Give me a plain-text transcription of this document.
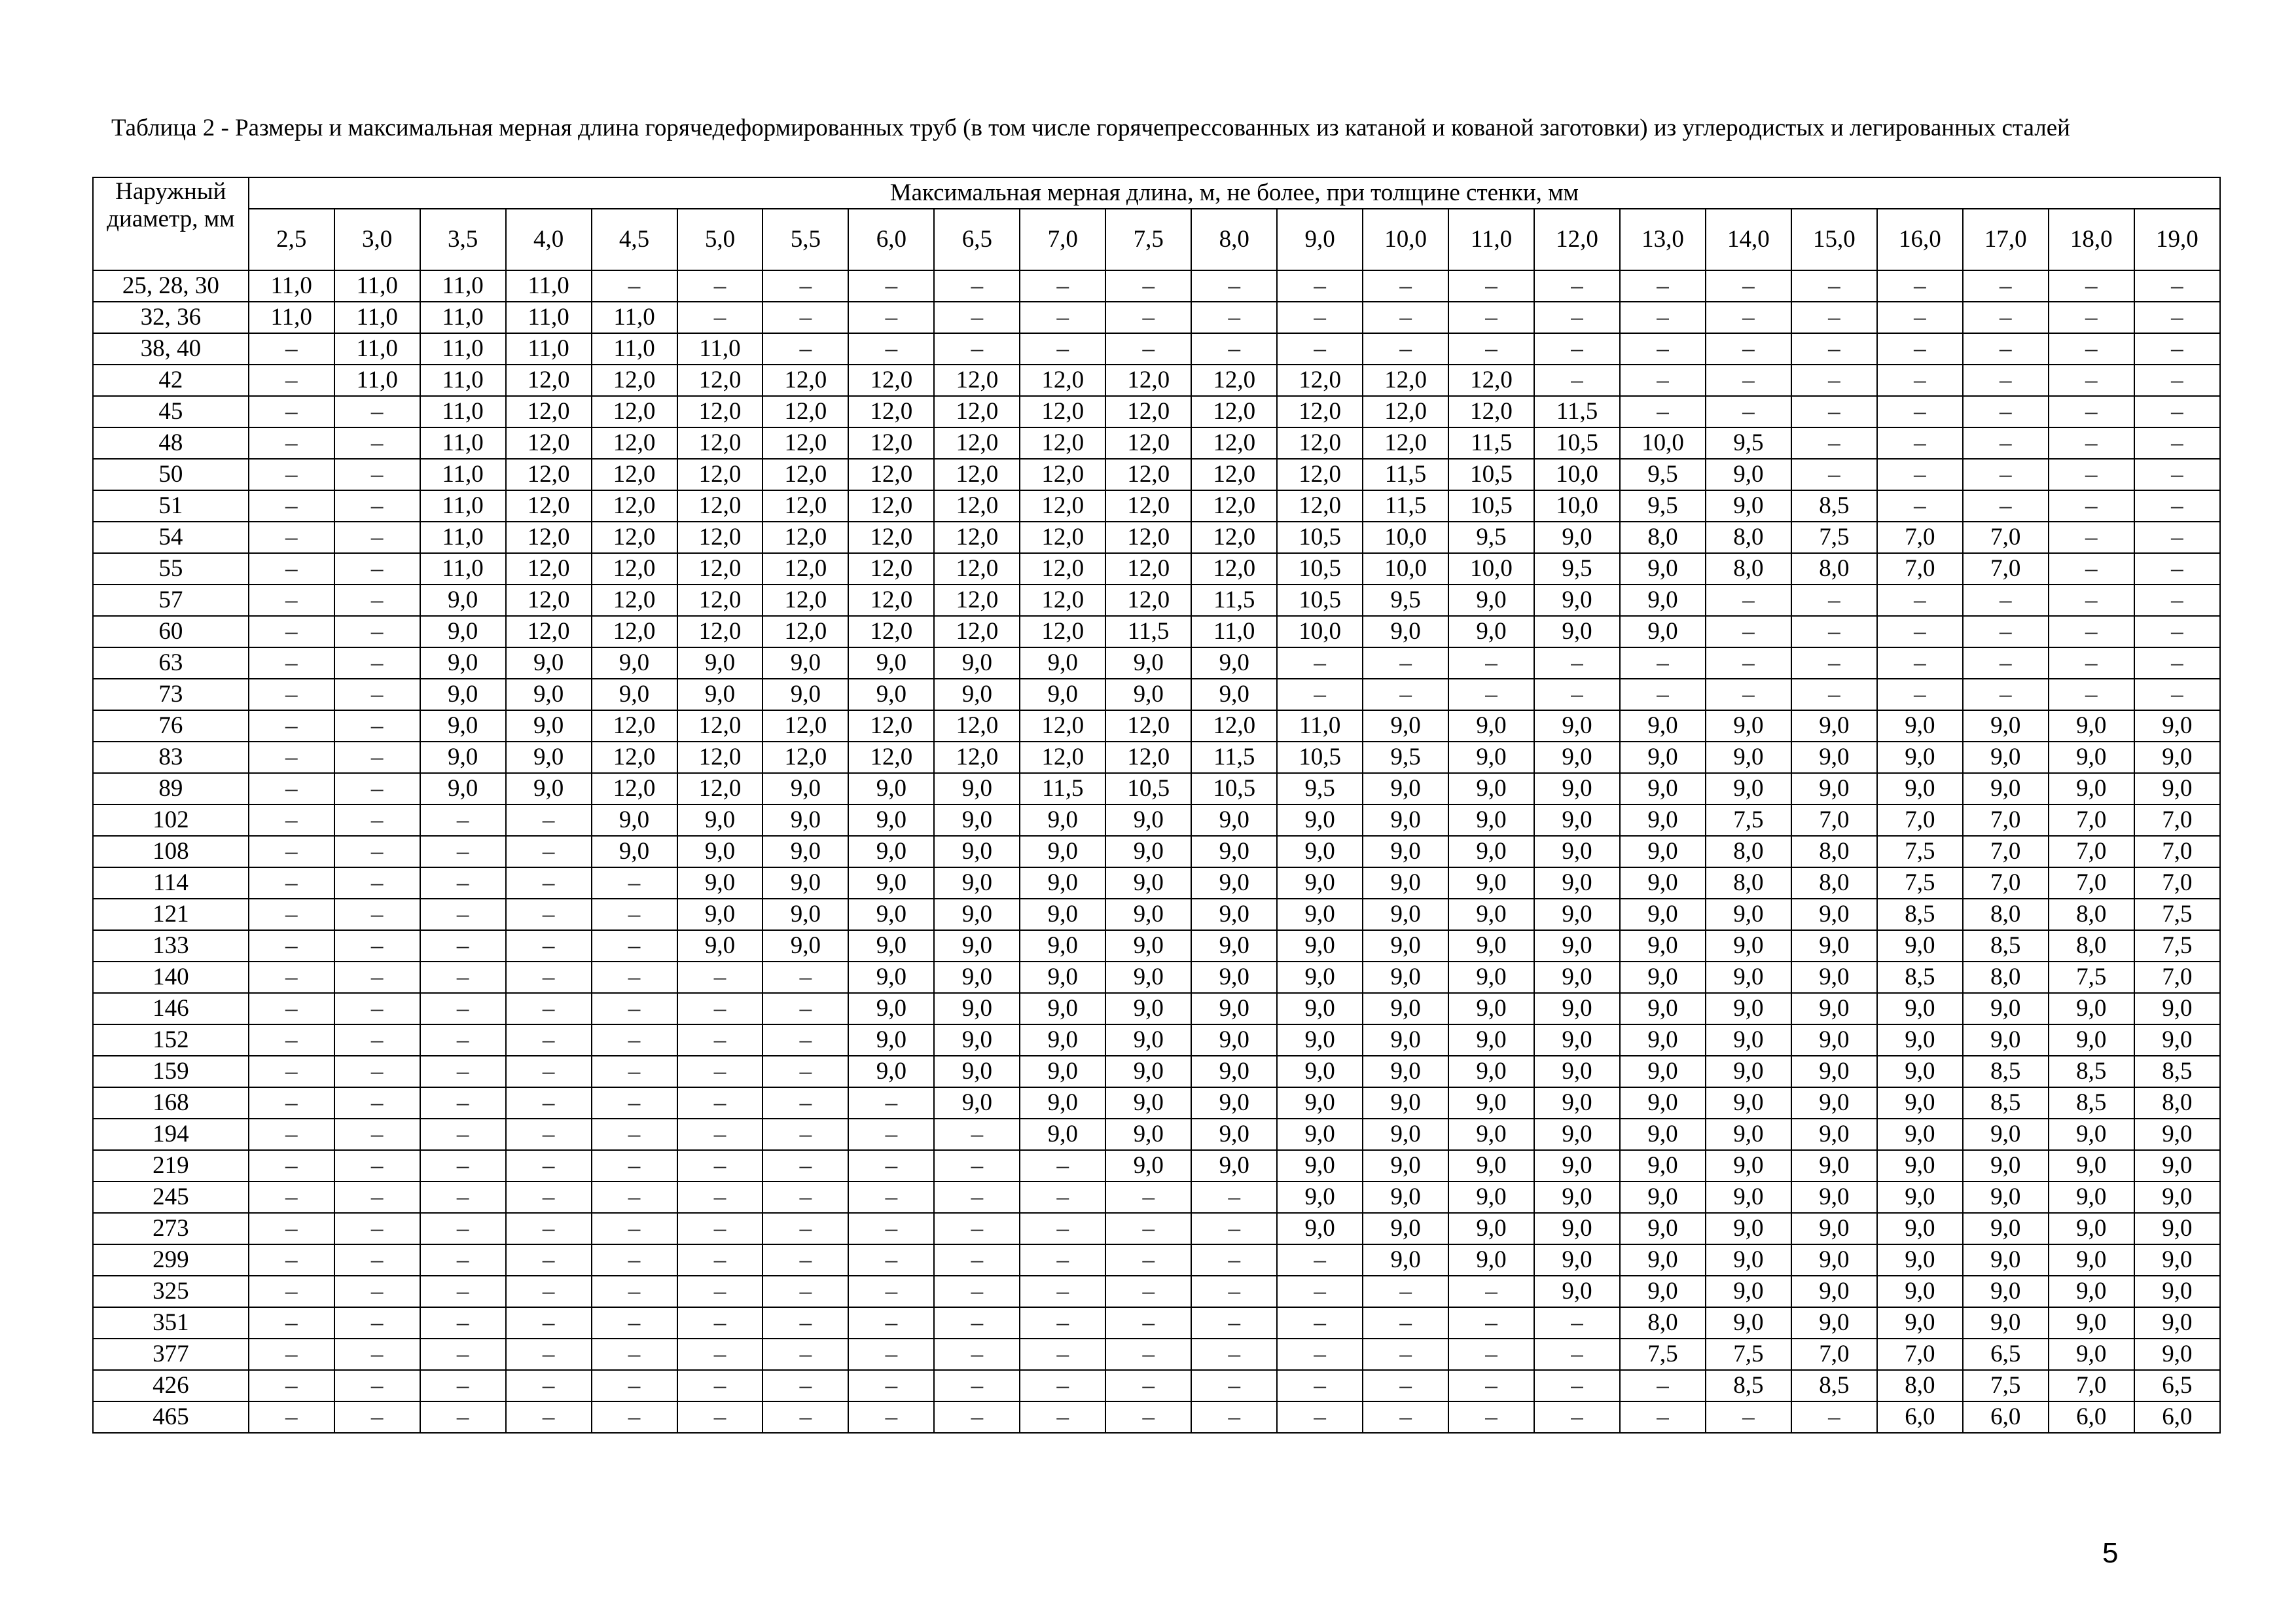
Таблица 2 - Размеры и максимальная мерная длина горячедеформированных труб (в том числе горячепрессованных из катаной и кованой заготовки) из углеродистых и легированных сталей

Наружный диаметр, мм	Максимальная мерная длина, м, не более, при толщине стенки, мм																						
	2,5	3,0	3,5	4,0	4,5	5,0	5,5	6,0	6,5	7,0	7,5	8,0	9,0	10,0	11,0	12,0	13,0	14,0	15,0	16,0	17,0	18,0	19,0
25, 28, 30	11,0	11,0	11,0	11,0	–	–	–	–	–	–	–	–	–	–	–	–	–	–	–	–	–	–	–
32, 36	11,0	11,0	11,0	11,0	11,0	–	–	–	–	–	–	–	–	–	–	–	–	–	–	–	–	–	–
38, 40	–	11,0	11,0	11,0	11,0	11,0	–	–	–	–	–	–	–	–	–	–	–	–	–	–	–	–	–
42	–	11,0	11,0	12,0	12,0	12,0	12,0	12,0	12,0	12,0	12,0	12,0	12,0	12,0	12,0	–	–	–	–	–	–	–	–
45	–	–	11,0	12,0	12,0	12,0	12,0	12,0	12,0	12,0	12,0	12,0	12,0	12,0	12,0	11,5	–	–	–	–	–	–	–
48	–	–	11,0	12,0	12,0	12,0	12,0	12,0	12,0	12,0	12,0	12,0	12,0	12,0	11,5	10,5	10,0	9,5	–	–	–	–	–
50	–	–	11,0	12,0	12,0	12,0	12,0	12,0	12,0	12,0	12,0	12,0	12,0	11,5	10,5	10,0	9,5	9,0	–	–	–	–	–
51	–	–	11,0	12,0	12,0	12,0	12,0	12,0	12,0	12,0	12,0	12,0	12,0	11,5	10,5	10,0	9,5	9,0	8,5	–	–	–	–
54	–	–	11,0	12,0	12,0	12,0	12,0	12,0	12,0	12,0	12,0	12,0	10,5	10,0	9,5	9,0	8,0	8,0	7,5	7,0	7,0	–	–
55	–	–	11,0	12,0	12,0	12,0	12,0	12,0	12,0	12,0	12,0	12,0	10,5	10,0	10,0	9,5	9,0	8,0	8,0	7,0	7,0	–	–
57	–	–	9,0	12,0	12,0	12,0	12,0	12,0	12,0	12,0	12,0	11,5	10,5	9,5	9,0	9,0	9,0	–	–	–	–	–	–
60	–	–	9,0	12,0	12,0	12,0	12,0	12,0	12,0	12,0	11,5	11,0	10,0	9,0	9,0	9,0	9,0	–	–	–	–	–	–
63	–	–	9,0	9,0	9,0	9,0	9,0	9,0	9,0	9,0	9,0	9,0	–	–	–	–	–	–	–	–	–	–	–
73	–	–	9,0	9,0	9,0	9,0	9,0	9,0	9,0	9,0	9,0	9,0	–	–	–	–	–	–	–	–	–	–	–
76	–	–	9,0	9,0	12,0	12,0	12,0	12,0	12,0	12,0	12,0	12,0	11,0	9,0	9,0	9,0	9,0	9,0	9,0	9,0	9,0	9,0	9,0
83	–	–	9,0	9,0	12,0	12,0	12,0	12,0	12,0	12,0	12,0	11,5	10,5	9,5	9,0	9,0	9,0	9,0	9,0	9,0	9,0	9,0	9,0
89	–	–	9,0	9,0	12,0	12,0	9,0	9,0	9,0	11,5	10,5	10,5	9,5	9,0	9,0	9,0	9,0	9,0	9,0	9,0	9,0	9,0	9,0
102	–	–	–	–	9,0	9,0	9,0	9,0	9,0	9,0	9,0	9,0	9,0	9,0	9,0	9,0	9,0	7,5	7,0	7,0	7,0	7,0	7,0
108	–	–	–	–	9,0	9,0	9,0	9,0	9,0	9,0	9,0	9,0	9,0	9,0	9,0	9,0	9,0	8,0	8,0	7,5	7,0	7,0	7,0
114	–	–	–	–	–	9,0	9,0	9,0	9,0	9,0	9,0	9,0	9,0	9,0	9,0	9,0	9,0	8,0	8,0	7,5	7,0	7,0	7,0
121	–	–	–	–	–	9,0	9,0	9,0	9,0	9,0	9,0	9,0	9,0	9,0	9,0	9,0	9,0	9,0	9,0	8,5	8,0	8,0	7,5
133	–	–	–	–	–	9,0	9,0	9,0	9,0	9,0	9,0	9,0	9,0	9,0	9,0	9,0	9,0	9,0	9,0	9,0	8,5	8,0	7,5
140	–	–	–	–	–	–	–	9,0	9,0	9,0	9,0	9,0	9,0	9,0	9,0	9,0	9,0	9,0	9,0	8,5	8,0	7,5	7,0
146	–	–	–	–	–	–	–	9,0	9,0	9,0	9,0	9,0	9,0	9,0	9,0	9,0	9,0	9,0	9,0	9,0	9,0	9,0	9,0
152	–	–	–	–	–	–	–	9,0	9,0	9,0	9,0	9,0	9,0	9,0	9,0	9,0	9,0	9,0	9,0	9,0	9,0	9,0	9,0
159	–	–	–	–	–	–	–	9,0	9,0	9,0	9,0	9,0	9,0	9,0	9,0	9,0	9,0	9,0	9,0	9,0	8,5	8,5	8,5
168	–	–	–	–	–	–	–	–	9,0	9,0	9,0	9,0	9,0	9,0	9,0	9,0	9,0	9,0	9,0	9,0	8,5	8,5	8,0
194	–	–	–	–	–	–	–	–	–	9,0	9,0	9,0	9,0	9,0	9,0	9,0	9,0	9,0	9,0	9,0	9,0	9,0	9,0
219	–	–	–	–	–	–	–	–	–	–	9,0	9,0	9,0	9,0	9,0	9,0	9,0	9,0	9,0	9,0	9,0	9,0	9,0
245	–	–	–	–	–	–	–	–	–	–	–	–	9,0	9,0	9,0	9,0	9,0	9,0	9,0	9,0	9,0	9,0	9,0
273	–	–	–	–	–	–	–	–	–	–	–	–	9,0	9,0	9,0	9,0	9,0	9,0	9,0	9,0	9,0	9,0	9,0
299	–	–	–	–	–	–	–	–	–	–	–	–	–	9,0	9,0	9,0	9,0	9,0	9,0	9,0	9,0	9,0	9,0
325	–	–	–	–	–	–	–	–	–	–	–	–	–	–	–	9,0	9,0	9,0	9,0	9,0	9,0	9,0	9,0
351	–	–	–	–	–	–	–	–	–	–	–	–	–	–	–	–	8,0	9,0	9,0	9,0	9,0	9,0	9,0
377	–	–	–	–	–	–	–	–	–	–	–	–	–	–	–	–	7,5	7,5	7,0	7,0	6,5	9,0	9,0
426	–	–	–	–	–	–	–	–	–	–	–	–	–	–	–	–	–	8,5	8,5	8,0	7,5	7,0	6,5
465	–	–	–	–	–	–	–	–	–	–	–	–	–	–	–	–	–	–	–	6,0	6,0	6,0	6,0

5
